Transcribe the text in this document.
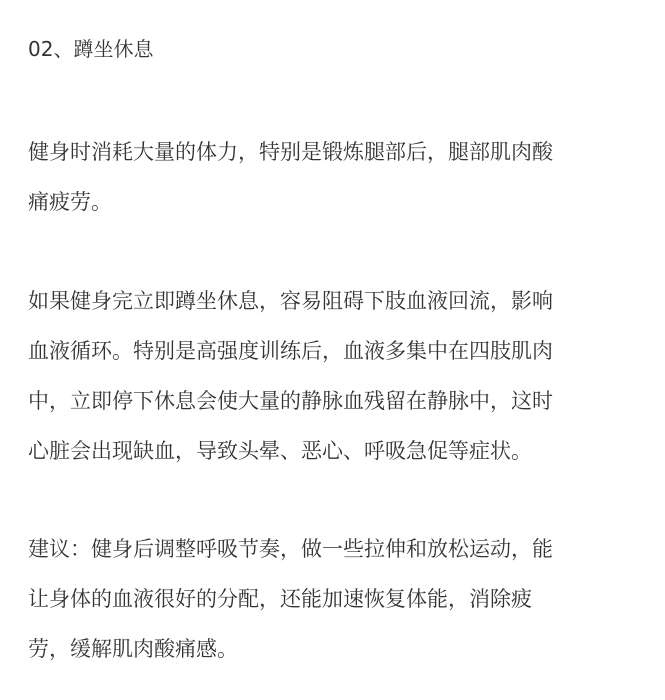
02、蹲坐休息
健身时消耗大量的体力，特别是锻炼腿部后，腿部肌肉酸
痛疲劳。
如果健身完立即蹲坐休息，容易阻碍下肢血液回流，影响
血液循环。特别是高强度训练后，血液多集中在四肢肌肉
中，立即停下休息会使大量的静脉血残留在静脉中，这时
心脏会出现缺血，导致头晕、恶心、呼吸急促等症状。
建议：健身后调整呼吸节奏，做一些拉伸和放松运动，能
让身体的血液很好的分配，还能加速恢复体能，消除疲
劳，缓解肌肉酸痛感。
